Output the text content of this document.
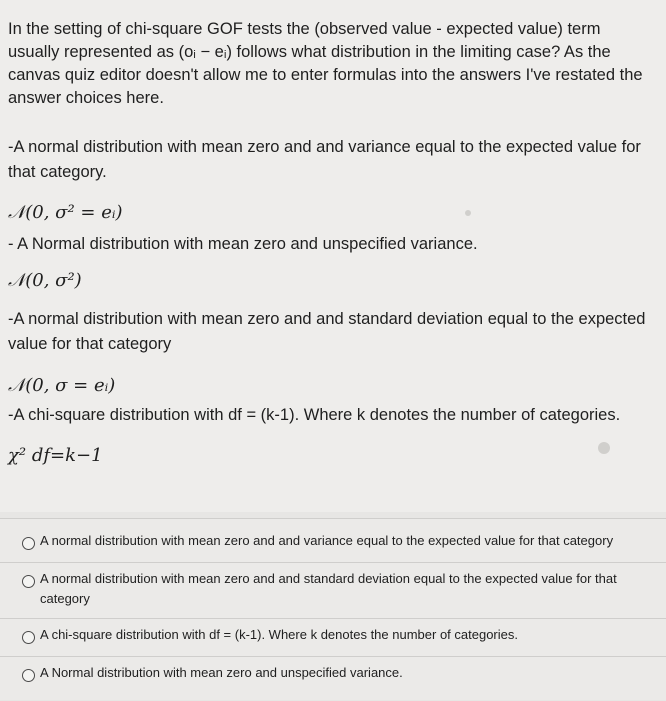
In the setting of chi-square GOF tests the (observed value - expected value) term usually represented as (oᵢ − eᵢ) follows what distribution in the limiting case? As the canvas quiz editor doesn't allow me to enter formulas into the answers I've restated the answer choices here.

-A normal distribution with mean zero and and variance equal to the expected value for that category.

𝒩(0, σ² = eᵢ)

- A Normal distribution with mean zero and unspecified variance.

𝒩(0, σ²)

-A normal distribution with mean zero and and standard deviation equal to the expected value for that category

𝒩(0, σ = eᵢ)

-A chi-square distribution with df = (k-1). Where k denotes the number of categories.

χ² df=k−1

A normal distribution with mean zero and and variance equal to the expected value for that category

A normal distribution with mean zero and and standard deviation equal to the expected value for that category

A chi-square distribution with df = (k-1). Where k denotes the number of categories.

A Normal distribution with mean zero and unspecified variance.
